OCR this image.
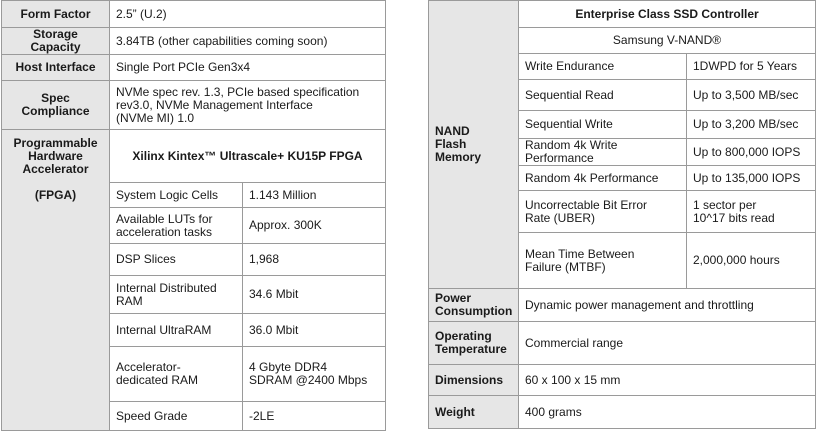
Form Factor	2.5” (U.2)	
Storage Capacity	3.84TB (other capabilities coming soon)	
Host Interface	Single Port PCIe Gen3x4	
Spec Compliance	NVMe spec rev. 1.3, PCIe based specification
rev3.0, NVMe Management Interface
(NVMe MI) 1.0	

Programmable
Hardware
Accelerator
(FPGA)	Xilinx Kintex™ Ultrascale+ KU15P FPGA	
	System Logic Cells	1.143 Million
	Available LUTs for
acceleration tasks	Approx. 300K
	DSP Slices	1,968
	Internal Distributed
RAM	34.6 Mbit
	Internal UltraRAM	36.0 Mbit
	Accelerator-
dedicated RAM	4 Gbyte DDR4
SDRAM @2400 Mbps
	Speed Grade	-2LE
NAND
Flash
Memory	Enterprise Class SSD Controller	
	Samsung V-NAND®	
	Write Endurance	1DWPD for 5 Years
	Sequential Read	Up to 3,500 MB/sec
	Sequential Write	Up to 3,200 MB/sec
	Random 4k Write Performance	Up to 800,000 IOPS
	Random 4k Performance	Up to 135,000 IOPS
	Uncorrectable Bit Error
Rate (UBER)	1 sector per
10^17 bits read
	Mean Time Between
Failure (MTBF)	2,000,000 hours
Power
Consumption	Dynamic power management and throttling	
Operating
Temperature	Commercial range	
Dimensions	60 x 100 x 15 mm	
Weight	400 grams	
